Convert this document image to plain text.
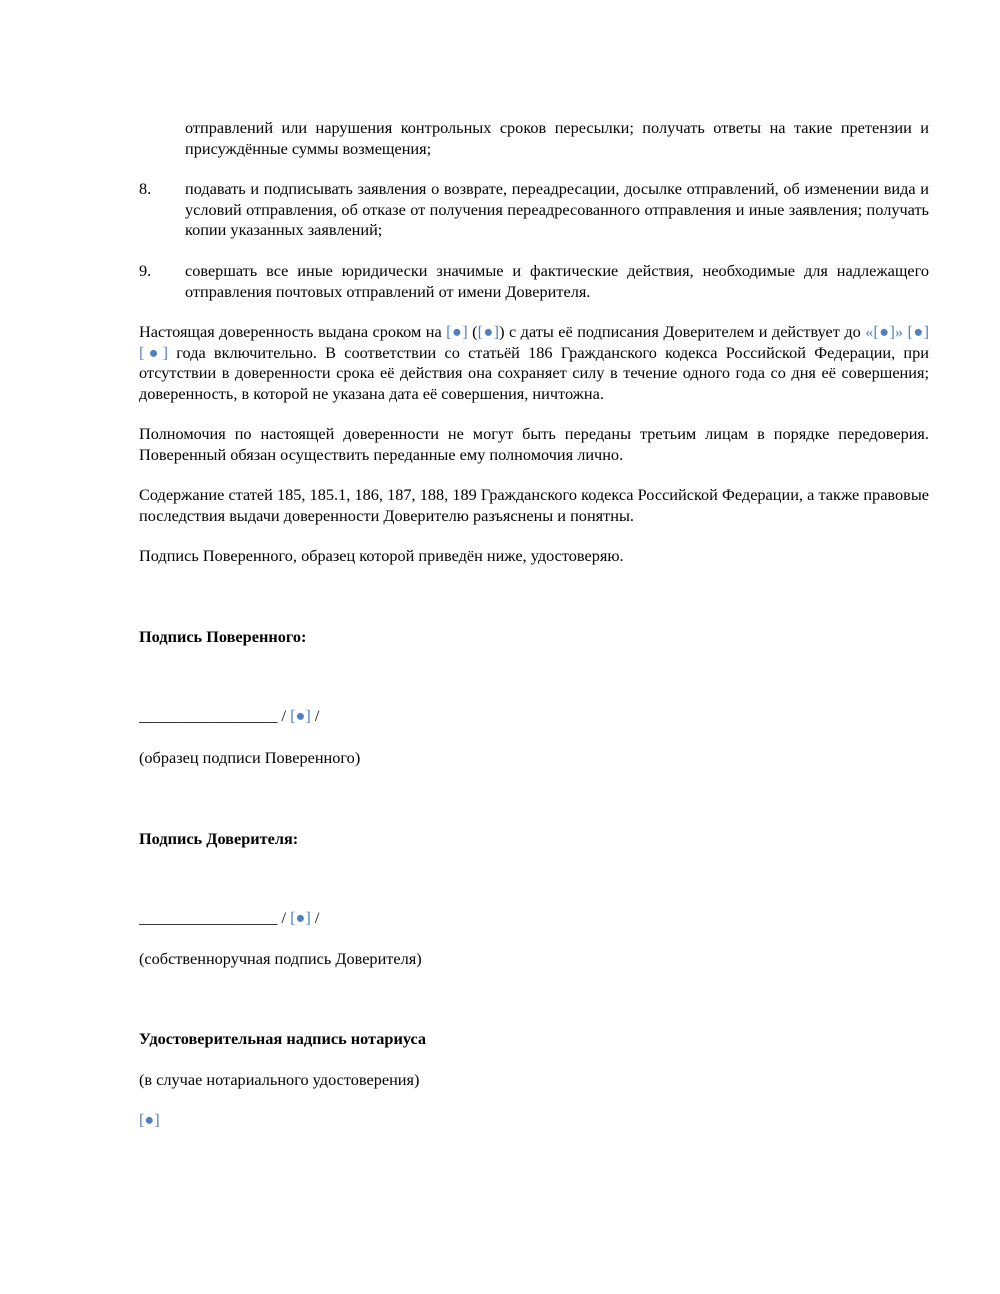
отправлений или нарушения контрольных сроков пересылки; получать ответы на такие претензии и присуждённые суммы возмещения;
8. подавать и подписывать заявления о возврате, переадресации, досылке отправлений, об изменении вида и условий отправления, об отказе от получения переадресованного отправления и иные заявления; получать копии указанных заявлений;
9. совершать все иные юридически значимые и фактические действия, необходимые для надлежащего отправления почтовых отправлений от имени Доверителя.
Настоящая доверенность выдана сроком на [●] ([●]) с даты её подписания Доверителем и действует до «[●]» [●] [●] года включительно. В соответствии со статьёй 186 Гражданского кодекса Российской Федерации, при отсутствии в доверенности срока её действия она сохраняет силу в течение одного года со дня её совершения; доверенность, в которой не указана дата её совершения, ничтожна.
Полномочия по настоящей доверенности не могут быть переданы третьим лицам в порядке передоверия. Поверенный обязан осуществить переданные ему полномочия лично.
Содержание статей 185, 185.1, 186, 187, 188, 189 Гражданского кодекса Российской Федерации, а также правовые последствия выдачи доверенности Доверителю разъяснены и понятны.
Подпись Поверенного, образец которой приведён ниже, удостоверяю.
Подпись Поверенного:
_________________ / [●] /
(образец подписи Поверенного)
Подпись Доверителя:
_________________ / [●] /
(собственноручная подпись Доверителя)
Удостоверительная надпись нотариуса
(в случае нотариального удостоверения)
[●]
